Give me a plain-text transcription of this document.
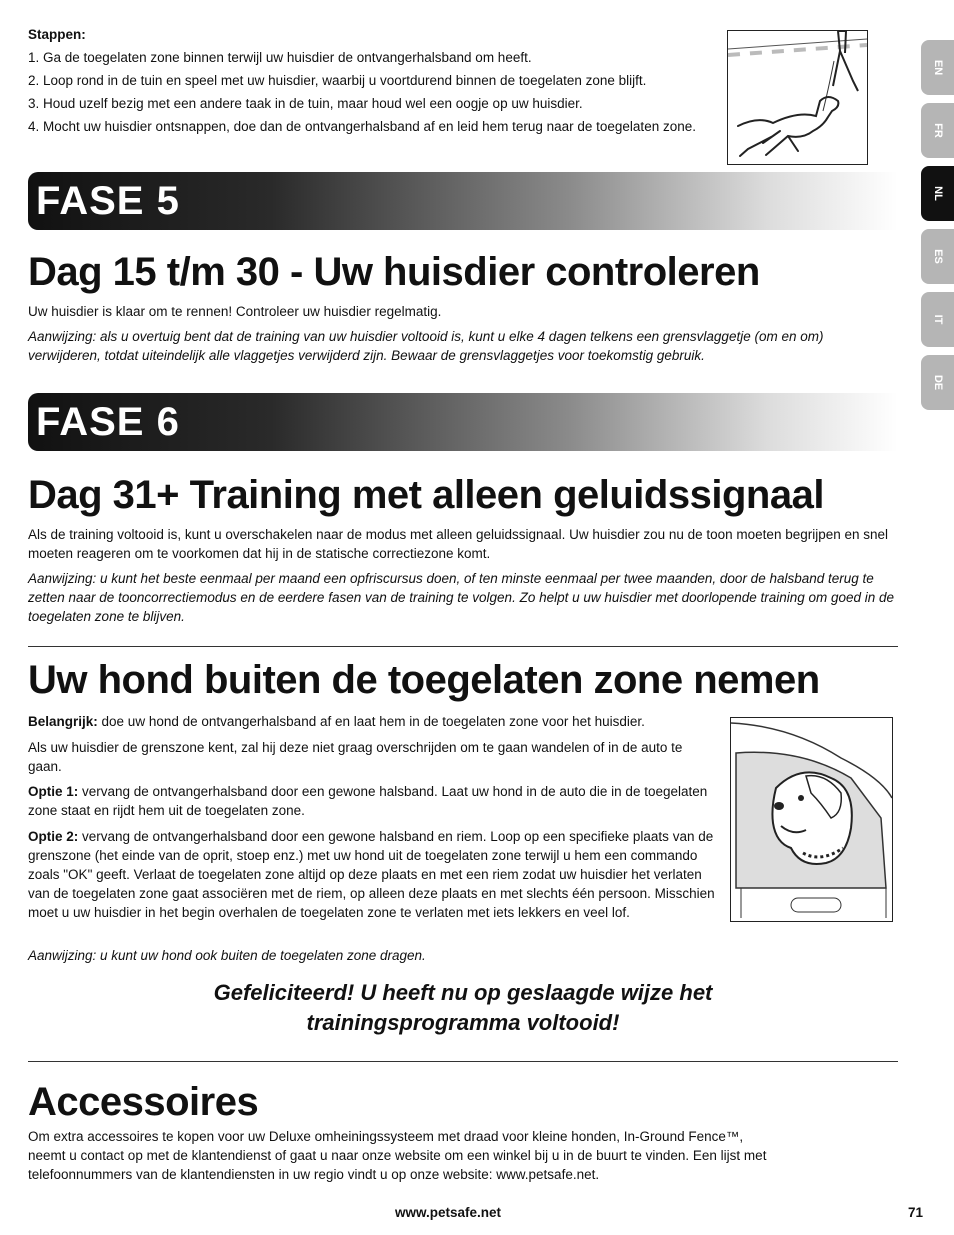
Stappen:
1. Ga de toegelaten zone binnen terwijl uw huisdier de ontvangerhalsband om heeft.
2. Loop rond in de tuin en speel met uw huisdier, waarbij u voortdurend binnen de toegelaten zone blijft.
3. Houd uzelf bezig met een andere taak in de tuin, maar houd wel een oogje op uw huisdier.
4. Mocht uw huisdier ontsnappen, doe dan de ontvangerhalsband af en leid hem terug naar de toegelaten zone.
FASE 5
Dag 15 t/m 30 - Uw huisdier controleren
Uw huisdier is klaar om te rennen! Controleer uw huisdier regelmatig.
Aanwijzing: als u overtuig bent dat de training van uw huisdier voltooid is, kunt u elke 4 dagen telkens een grensvlaggetje (om en om) verwijderen, totdat uiteindelijk alle vlaggetjes verwijderd zijn. Bewaar de grensvlaggetjes voor toekomstig gebruik.
FASE 6
Dag 31+ Training met alleen geluidssignaal
Als de training voltooid is, kunt u overschakelen naar de modus met alleen geluidssignaal. Uw huisdier zou nu de toon moeten begrijpen en snel moeten reageren om te voorkomen dat hij in de statische correctiezone komt.
Aanwijzing: u kunt het beste eenmaal per maand een opfriscursus doen, of ten minste eenmaal per twee maanden, door de halsband terug te zetten naar de tooncorrectiemodus en de eerdere fasen van de training te volgen. Zo helpt u uw huisdier met doorlopende training om goed in de toegelaten zone te blijven.
Uw hond buiten de toegelaten zone nemen
Belangrijk: doe uw hond de ontvangerhalsband af en laat hem in de toegelaten zone voor het huisdier.
Als uw huisdier de grenszone kent, zal hij deze niet graag overschrijden om te gaan wandelen of in de auto te gaan.
Optie 1: vervang de ontvangerhalsband door een gewone halsband. Laat uw hond in de auto die in de toegelaten zone staat en rijdt hem uit de toegelaten zone.
Optie 2: vervang de ontvangerhalsband door een gewone halsband en riem. Loop op een specifieke plaats van de grenszone (het einde van de oprit, stoep enz.) met uw hond uit de toegelaten zone terwijl u hem een commando zoals "OK" geeft. Verlaat de toegelaten zone altijd op deze plaats en met een riem zodat uw huisdier het verlaten van de toegelaten zone gaat associëren met de riem, op alleen deze plaats en met slechts één persoon. Misschien moet u uw huisdier in het begin overhalen de toegelaten zone te verlaten met iets lekkers en veel lof.
Aanwijzing: u kunt uw hond ook buiten de toegelaten zone dragen.
Gefeliciteerd! U heeft nu op geslaagde wijze het
trainingsprogramma voltooid!
Accessoires
Om extra accessoires te kopen voor uw Deluxe omheiningssysteem met draad voor kleine honden, In-Ground Fence™,
neemt u contact op met de klantendienst of gaat u naar onze website om een winkel bij u in de buurt te vinden. Een lijst met
telefoonnummers van de klantendiensten in uw regio vindt u op onze website: www.petsafe.net.
www.petsafe.net	71
EN
FR
NL
ES
IT
DE
